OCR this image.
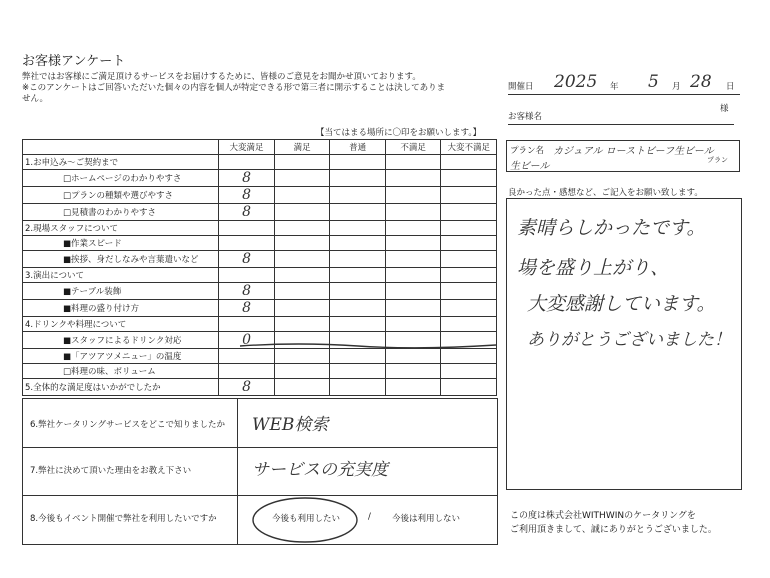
お客様アンケート
弊社ではお客様にご満足頂けるサービスをお届けするために、皆様のご意見をお聞かせ頂いております。
※このアンケートはご回答いただいた個々の内容を個人が特定できる形で第三者に開示することは決してありま
せん。
開催日 2025 年 5 月 28 日
お客様名
様
プラン名 カジュアル ローストビーフ生ビール
生ビール
プラン
【当てはまる場所に〇印をお願いします。】
	大変満足	満足	普通	不満足	大変不満足
1.お申込み～ご契約まで					
□ホームページのわかりやすさ	8				
□プランの種類や選びやすさ	8				
□見積書のわかりやすさ	8				
2.現場スタッフについて					
■作業スピード					
■挨拶、身だしなみや言葉遣いなど	8				
3.演出について					
■テーブル装飾	8				
■料理の盛り付け方	8				
4.ドリンクや料理について					
■スタッフによるドリンク対応	0				
■「アツアツメニュー」の温度					
□料理の味、ボリューム					
5.全体的な満足度はいかがでしたか	8				
6.弊社ケータリングサービスをどこで知りましたか WEB検索
7.弊社に決めて頂いた理由をお教え下さい	サービスの充実度
8.今後もイベント開催で弊社を利用したいですか	今後も利用したい	/ 今後は利用しない
良かった点・感想など、ご記入をお願い致します。
素晴らしかったです。
場を盛り上がり、
大変感謝しています。
ありがとうございました！
この度は株式会社WITHWINのケータリングを
ご利用頂きまして、誠にありがとうございました。
